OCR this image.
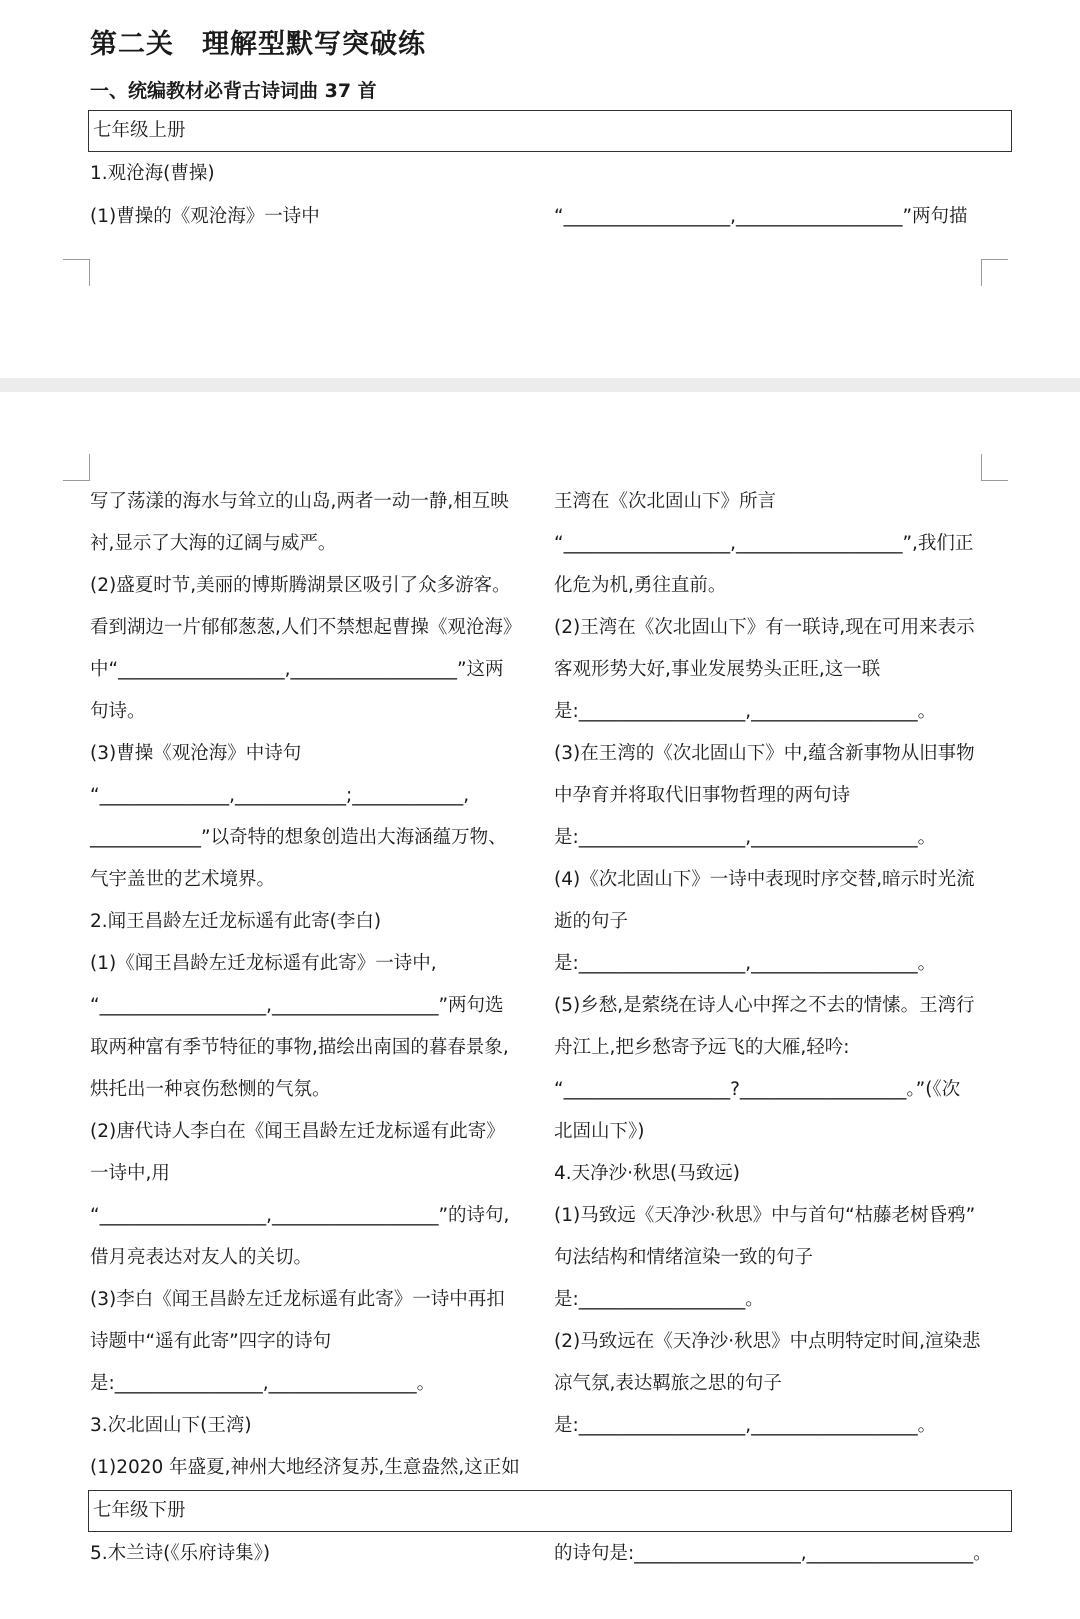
第二关　理解型默写突破练
一、统编教材必背古诗词曲 37 首
七年级上册
1.观沧海(曹操)
(1)曹操的《观沧海》一诗中	“__________________,__________________”两句描
写了荡漾的海水与耸立的山岛,两者一动一静,相互映
衬,显示了大海的辽阔与威严。
(2)盛夏时节,美丽的博斯腾湖景区吸引了众多游客。
看到湖边一片郁郁葱葱,人们不禁想起曹操《观沧海》
中“__________________,__________________”这两
句诗。
(3)曹操《观沧海》中诗句
“______________,____________;____________,
____________”以奇特的想象创造出大海涵蕴万物、
气宇盖世的艺术境界。
2.闻王昌龄左迁龙标遥有此寄(李白)
(1)《闻王昌龄左迁龙标遥有此寄》一诗中,
“__________________,__________________”两句选
取两种富有季节特征的事物,描绘出南国的暮春景象,
烘托出一种哀伤愁恻的气氛。
(2)唐代诗人李白在《闻王昌龄左迁龙标遥有此寄》
一诗中,用
“__________________,__________________”的诗句,
借月亮表达对友人的关切。
(3)李白《闻王昌龄左迁龙标遥有此寄》一诗中再扣
诗题中“遥有此寄”四字的诗句
是:________________,________________。
3.次北固山下(王湾)
(1)2020 年盛夏,神州大地经济复苏,生意盎然,这正如
王湾在《次北固山下》所言
“__________________,__________________”,我们正
化危为机,勇往直前。
(2)王湾在《次北固山下》有一联诗,现在可用来表示
客观形势大好,事业发展势头正旺,这一联
是:__________________,__________________。
(3)在王湾的《次北固山下》中,蕴含新事物从旧事物
中孕育并将取代旧事物哲理的两句诗
是:__________________,__________________。
(4)《次北固山下》一诗中表现时序交替,暗示时光流
逝的句子
是:__________________,__________________。
(5)乡愁,是萦绕在诗人心中挥之不去的情愫。王湾行
舟江上,把乡愁寄予远飞的大雁,轻吟:
“__________________?__________________。”(《次
北固山下》)
4.天净沙·秋思(马致远)
(1)马致远《天净沙·秋思》中与首句“枯藤老树昏鸦”
句法结构和情绪渲染一致的句子
是:__________________。
(2)马致远在《天净沙·秋思》中点明特定时间,渲染悲
凉气氛,表达羁旅之思的句子
是:__________________,__________________。
七年级下册
5.木兰诗(《乐府诗集》)	的诗句是:__________________,__________________。
